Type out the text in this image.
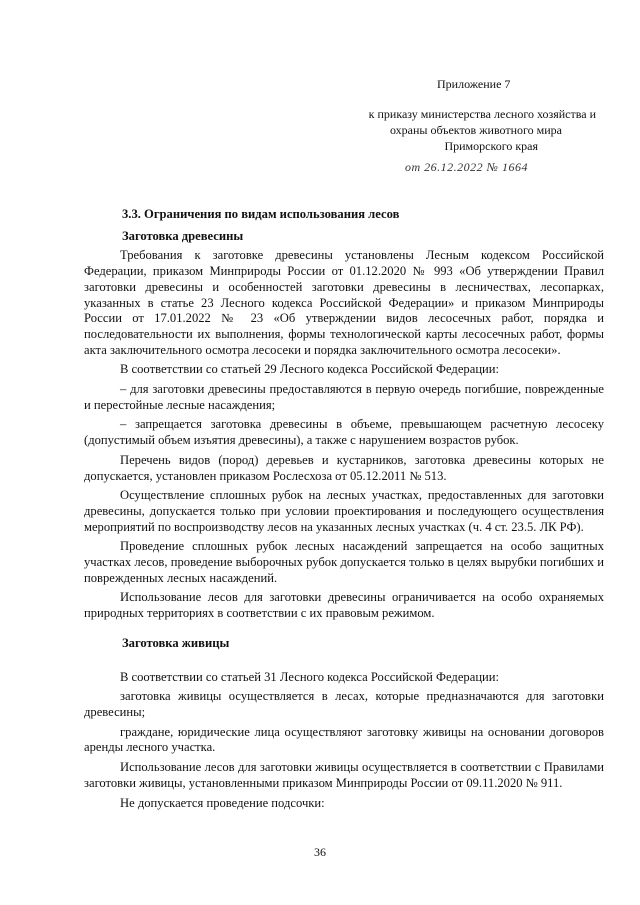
Приложение 7
к приказу министерства лесного хозяйства и
охраны объектов животного мира
Приморского края
от 26.12.2022 № 1664
3.3. Ограничения по видам использования лесов
Заготовка древесины

Требования к заготовке древесины установлены Лесным кодексом Российской Федерации, приказом Минприроды России от 01.12.2020 № 993 «Об утверждении Правил заготовки древесины и особенностей заготовки древесины в лесничествах, лесопарках, указанных в статье 23 Лесного кодекса Российской Федерации» и приказом Минприроды России от 17.01.2022 № 23 «Об утверждении видов лесосечных работ, порядка и последовательности их выполнения, формы технологической карты лесосечных работ, формы акта заключительного осмотра лесосеки и порядка заключительного осмотра лесосеки».

В соответствии со статьей 29 Лесного кодекса Российской Федерации:

– для заготовки древесины предоставляются в первую очередь погибшие, поврежденные и перестойные лесные насаждения;

– запрещается заготовка древесины в объеме, превышающем расчетную лесосеку (допустимый объем изъятия древесины), а также с нарушением возрастов рубок.

Перечень видов (пород) деревьев и кустарников, заготовка древесины которых не допускается, установлен приказом Рослесхоза от 05.12.2011 № 513.

Осуществление сплошных рубок на лесных участках, предоставленных для заготовки древесины, допускается только при условии проектирования и последующего осуществления мероприятий по воспроизводству лесов на указанных лесных участках (ч. 4 ст. 23.5. ЛК РФ).

Проведение сплошных рубок лесных насаждений запрещается на особо защитных участках лесов, проведение выборочных рубок допускается только в целях вырубки погибших и поврежденных лесных насаждений.

Использование лесов для заготовки древесины ограничивается на особо охраняемых природных территориях в соответствии с их правовым режимом.

Заготовка живицы

В соответствии со статьей 31 Лесного кодекса Российской Федерации:

заготовка живицы осуществляется в лесах, которые предназначаются для заготовки древесины;

граждане, юридические лица осуществляют заготовку живицы на основании договоров аренды лесного участка.

Использование лесов для заготовки живицы осуществляется в соответствии с Правилами заготовки живицы, установленными приказом Минприроды России от 09.11.2020 № 911.

Не допускается проведение подсочки:

36
